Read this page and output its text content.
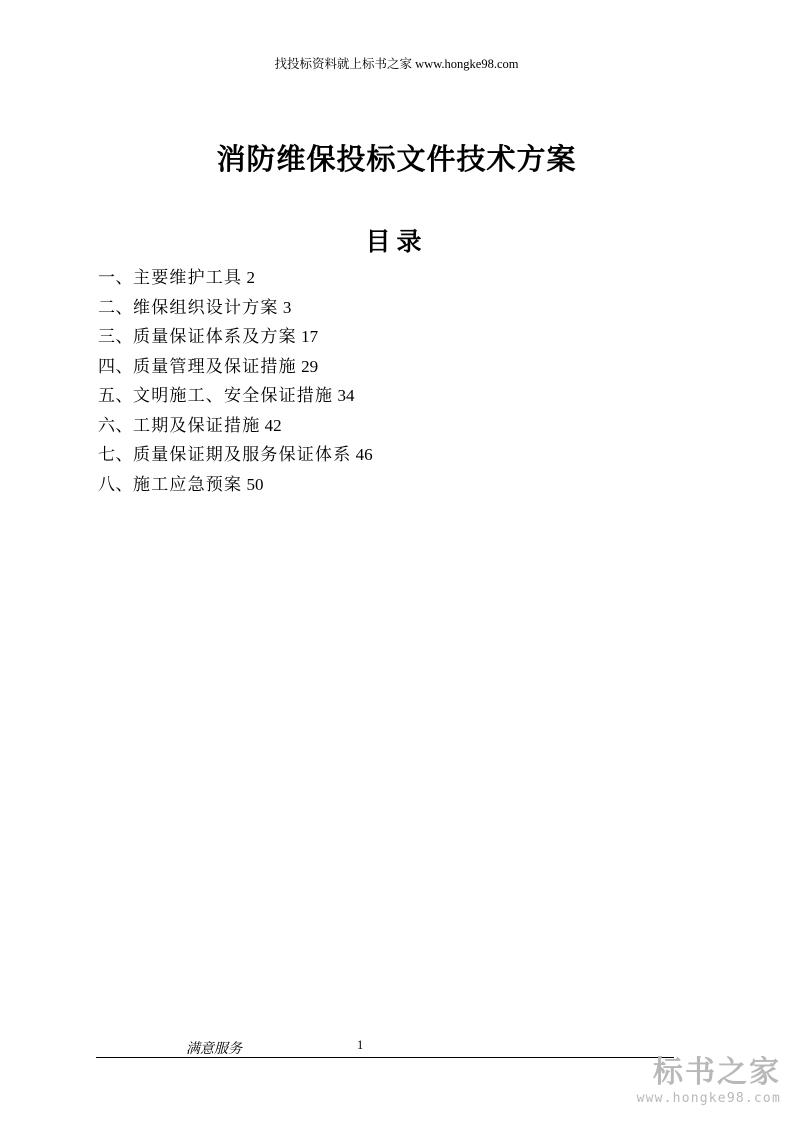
找投标资料就上标书之家 www.hongke98.com
消防维保投标文件技术方案
目录
一、主要维护工具 2
二、维保组织设计方案 3
三、质量保证体系及方案 17
四、质量管理及保证措施 29
五、文明施工、安全保证措施 34
六、工期及保证措施 42
七、质量保证期及服务保证体系 46
八、施工应急预案 50
满意服务	1
标书之家
www.hongke98.com
